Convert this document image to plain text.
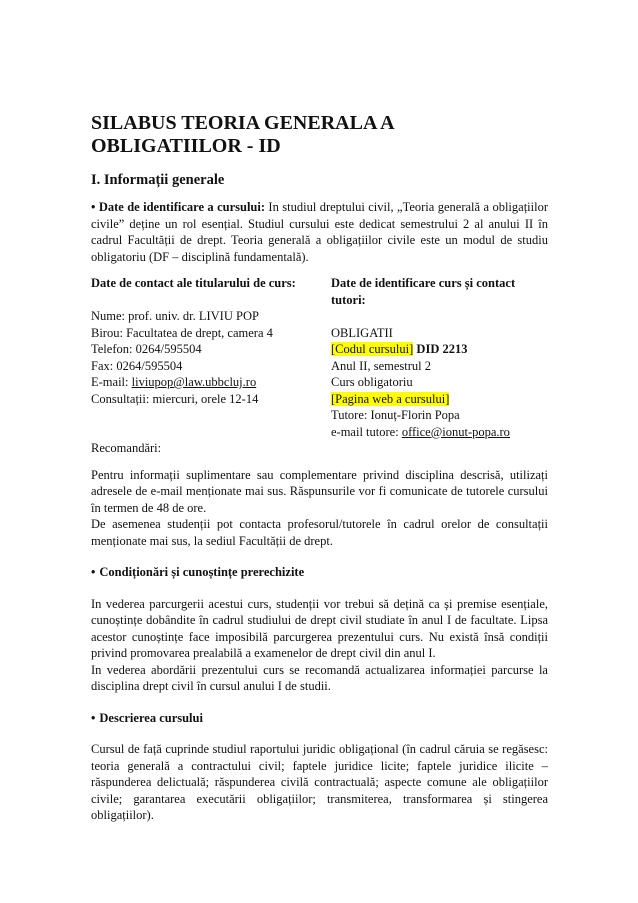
SILABUS TEORIA GENERALA A OBLIGATIILOR - ID
I. Informații generale

• Date de identificare a cursului: In studiul dreptului civil, „Teoria generală a obligațiilor civile” deține un rol esențial. Studiul cursului este dedicat semestrului 2 al anului II în cadrul Facultății de drept. Teoria generală a obligațiilor civile este un modul de studiu obligatoriu (DF – disciplină fundamentală).

Date de contact ale titularului de curs:
Nume: prof. univ. dr. LIVIU POP
Birou: Facultatea de drept, camera 4
Telefon: 0264/595504
Fax: 0264/595504
E-mail: liviupop@law.ubbcluj.ro
Consultații: miercuri, orele 12-14
Date de identificare curs și contact tutori:
OBLIGATII
[Codul cursului] DID 2213
Anul II, semestrul 2
Curs obligatoriu
[Pagina web a cursului]
Tutore: Ionuț-Florin Popa
e-mail tutore: office@ionut-popa.ro
Recomandări:

Pentru informații suplimentare sau complementare privind disciplina descrisă, utilizați adresele de e-mail menționate mai sus. Răspunsurile vor fi comunicate de tutorele cursului în termen de 48 de ore.

De asemenea studenții pot contacta profesorul/tutorele în cadrul orelor de consultații menționate mai sus, la sediul Facultății de drept.

• Condiționări și cunoștințe prerechizite

In vederea parcurgerii acestui curs, studenții vor trebui să dețină ca și premise esențiale, cunoștințe dobândite în cadrul studiului de drept civil studiate în anul I de facultate. Lipsa acestor cunoștințe face imposibilă parcurgerea prezentului curs. Nu există însă condiții privind promovarea prealabilă a examenelor de drept civil din anul I.

In vederea abordării prezentului curs se recomandă actualizarea informației parcurse la disciplina drept civil în cursul anului I de studii.

• Descrierea cursului

Cursul de față cuprinde studiul raportului juridic obligațional (în cadrul căruia se regăsesc: teoria generală a contractului civil; faptele juridice licite; faptele juridice ilicite – răspunderea delictuală; răspunderea civilă contractuală; aspecte comune ale obligațiilor civile; garantarea executării obligațiilor; transmiterea, transformarea și stingerea obligațiilor).
